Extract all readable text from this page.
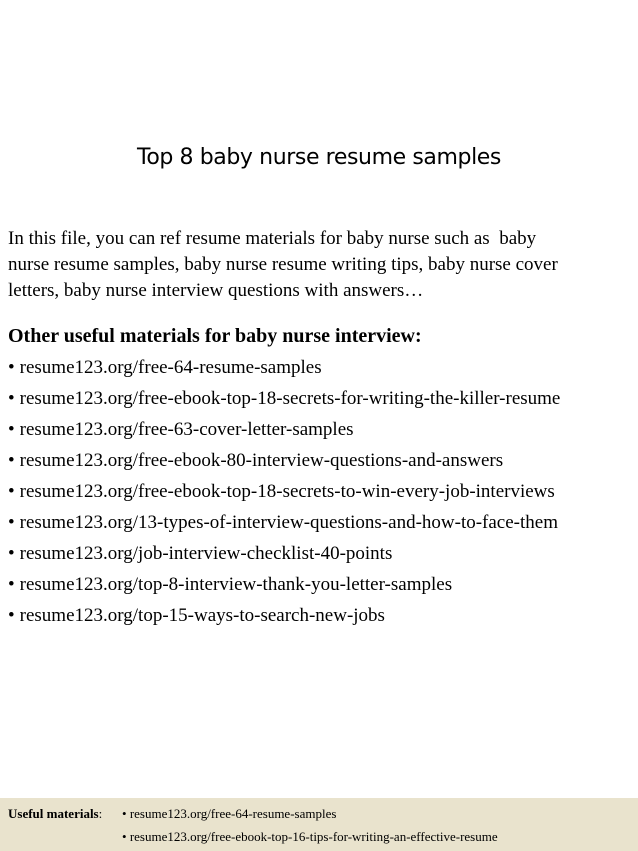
Top 8 baby nurse resume samples
In this file, you can ref resume materials for baby nurse such as  baby
nurse resume samples, baby nurse resume writing tips, baby nurse cover
letters, baby nurse interview questions with answers…
Other useful materials for baby nurse interview:
• resume123.org/free-64-resume-samples
• resume123.org/free-ebook-top-18-secrets-for-writing-the-killer-resume
• resume123.org/free-63-cover-letter-samples
• resume123.org/free-ebook-80-interview-questions-and-answers
• resume123.org/free-ebook-top-18-secrets-to-win-every-job-interviews
• resume123.org/13-types-of-interview-questions-and-how-to-face-them
• resume123.org/job-interview-checklist-40-points
• resume123.org/top-8-interview-thank-you-letter-samples
• resume123.org/top-15-ways-to-search-new-jobs
Useful materials: • resume123.org/free-64-resume-samples
• resume123.org/free-ebook-top-16-tips-for-writing-an-effective-resume
